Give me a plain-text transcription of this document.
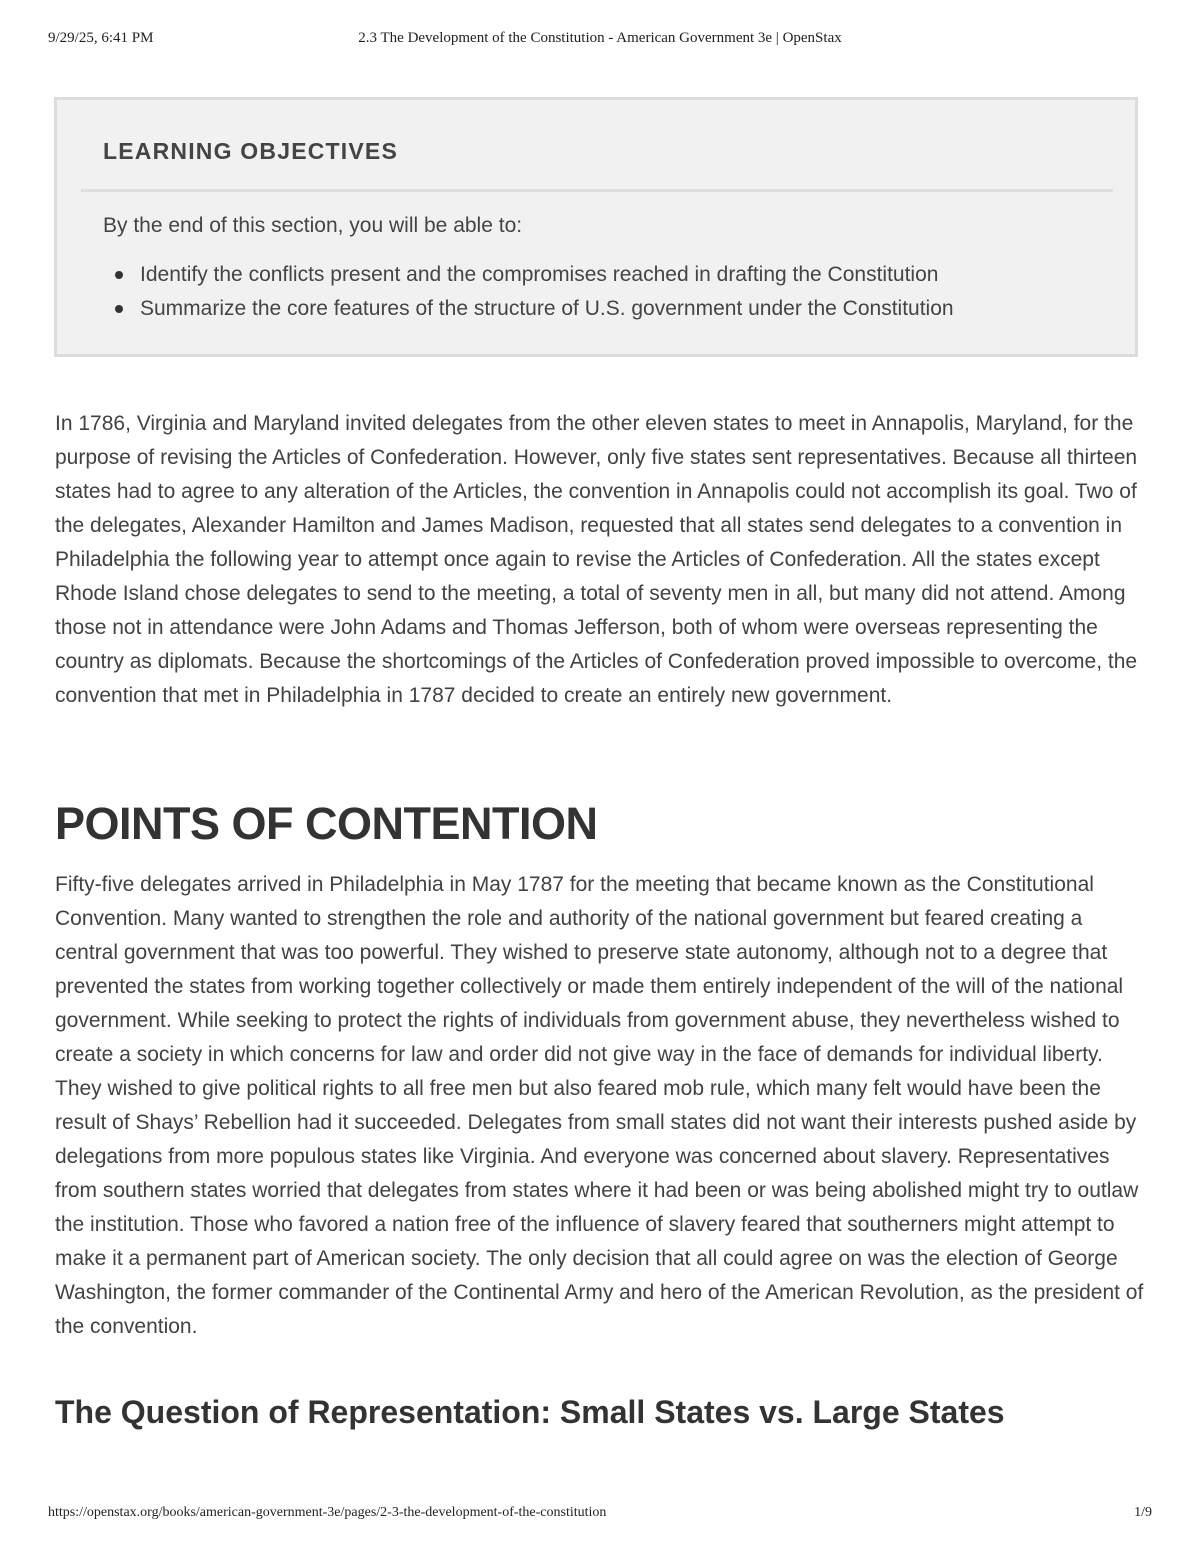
9/29/25, 6:41 PM	2.3 The Development of the Constitution - American Government 3e | OpenStax
LEARNING OBJECTIVES
By the end of this section, you will be able to:
Identify the conflicts present and the compromises reached in drafting the Constitution
Summarize the core features of the structure of U.S. government under the Constitution

In 1786, Virginia and Maryland invited delegates from the other eleven states to meet in Annapolis, Maryland, for the purpose of revising the Articles of Confederation. However, only five states sent representatives. Because all thirteen states had to agree to any alteration of the Articles, the convention in Annapolis could not accomplish its goal. Two of the delegates, Alexander Hamilton and James Madison, requested that all states send delegates to a convention in Philadelphia the following year to attempt once again to revise the Articles of Confederation. All the states except Rhode Island chose delegates to send to the meeting, a total of seventy men in all, but many did not attend. Among those not in attendance were John Adams and Thomas Jefferson, both of whom were overseas representing the country as diplomats. Because the shortcomings of the Articles of Confederation proved impossible to overcome, the convention that met in Philadelphia in 1787 decided to create an entirely new government.

POINTS OF CONTENTION

Fifty-five delegates arrived in Philadelphia in May 1787 for the meeting that became known as the Constitutional Convention. Many wanted to strengthen the role and authority of the national government but feared creating a central government that was too powerful. They wished to preserve state autonomy, although not to a degree that prevented the states from working together collectively or made them entirely independent of the will of the national government. While seeking to protect the rights of individuals from government abuse, they nevertheless wished to create a society in which concerns for law and order did not give way in the face of demands for individual liberty. They wished to give political rights to all free men but also feared mob rule, which many felt would have been the result of Shays’ Rebellion had it succeeded. Delegates from small states did not want their interests pushed aside by delegations from more populous states like Virginia. And everyone was concerned about slavery. Representatives from southern states worried that delegates from states where it had been or was being abolished might try to outlaw the institution. Those who favored a nation free of the influence of slavery feared that southerners might attempt to make it a permanent part of American society. The only decision that all could agree on was the election of George Washington, the former commander of the Continental Army and hero of the American Revolution, as the president of the convention.

The Question of Representation: Small States vs. Large States
https://openstax.org/books/american-government-3e/pages/2-3-the-development-of-the-constitution	1/9
